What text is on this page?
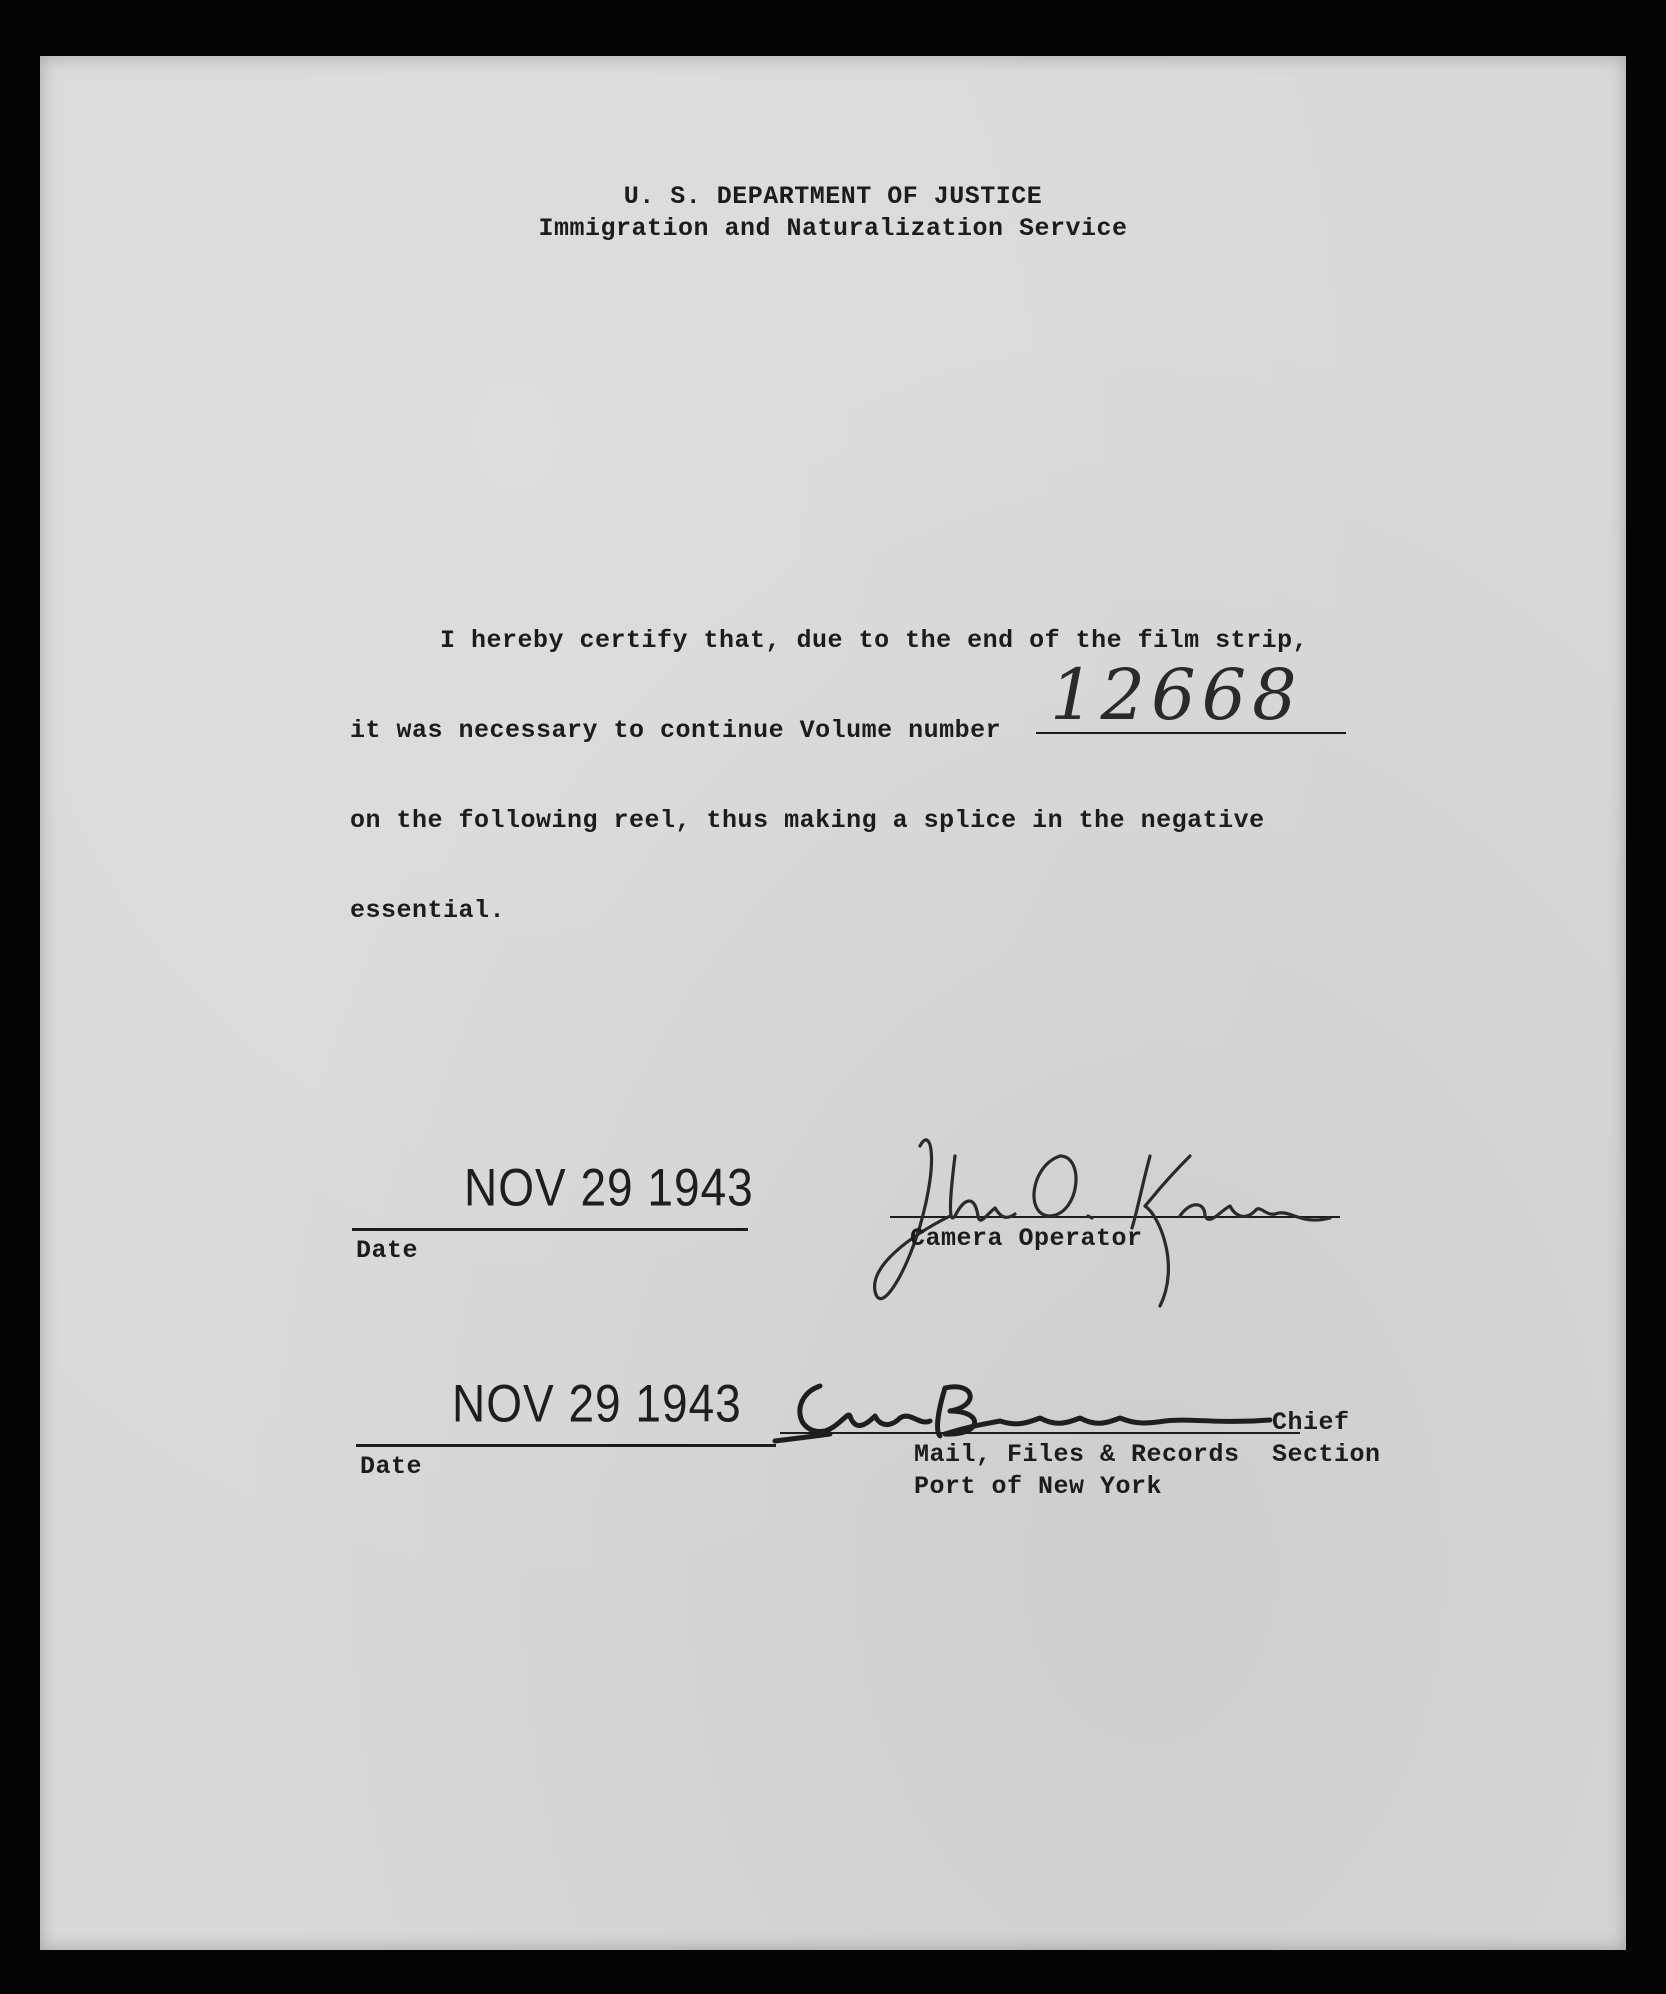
U. S. DEPARTMENT OF JUSTICE
Immigration and Naturalization Service
I hereby certify that, due to the end of the film strip,
it was necessary to continue Volume number 12668
on the following reel, thus making a splice in the negative
essential.
NOV 29 1943
Date	Camera Operator
NOV 29 1943
Date
Chief
Mail, Files & Records Section
Port of New York
